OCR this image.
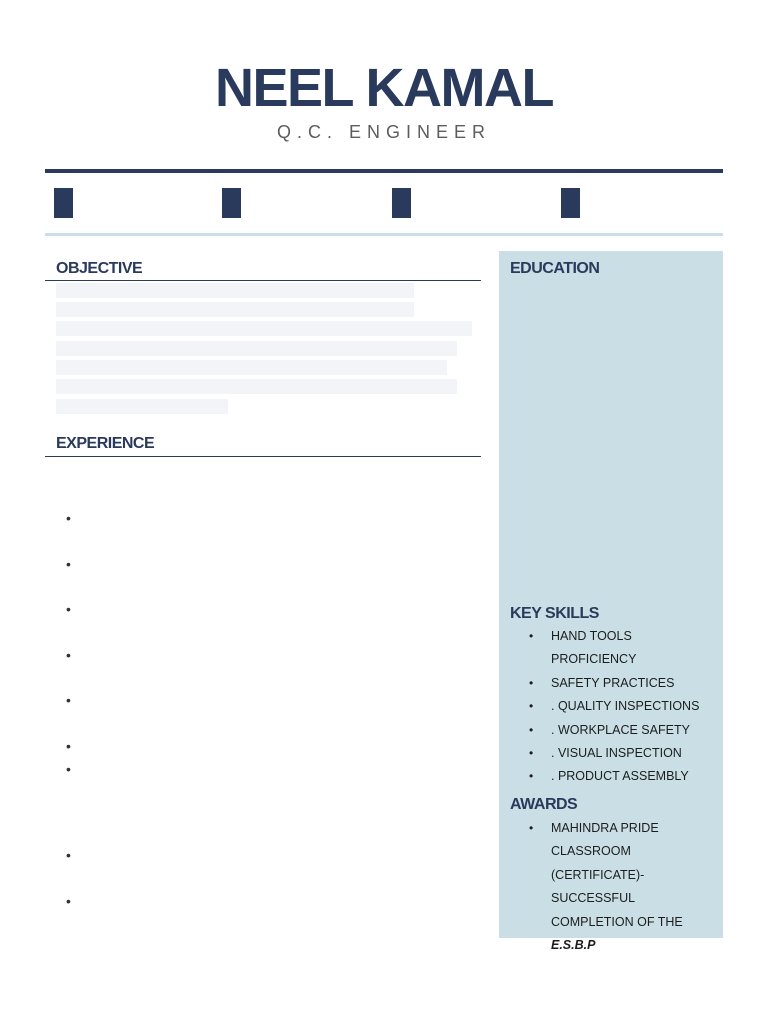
NEEL KAMAL
Q.C. ENGINEER
OBJECTIVE
EXPERIENCE
•
•
•
•
•
•
•
•
•
EDUCATION
KEY SKILLS
• HAND TOOLS PROFICIENCY
• SAFETY PRACTICES
• . QUALITY INSPECTIONS
• . WORKPLACE SAFETY
• . VISUAL INSPECTION
• . PRODUCT ASSEMBLY
AWARDS
• MAHINDRA PRIDE CLASSROOM (CERTIFICATE)-SUCCESSFUL COMPLETION OF THE E.S.B.P
